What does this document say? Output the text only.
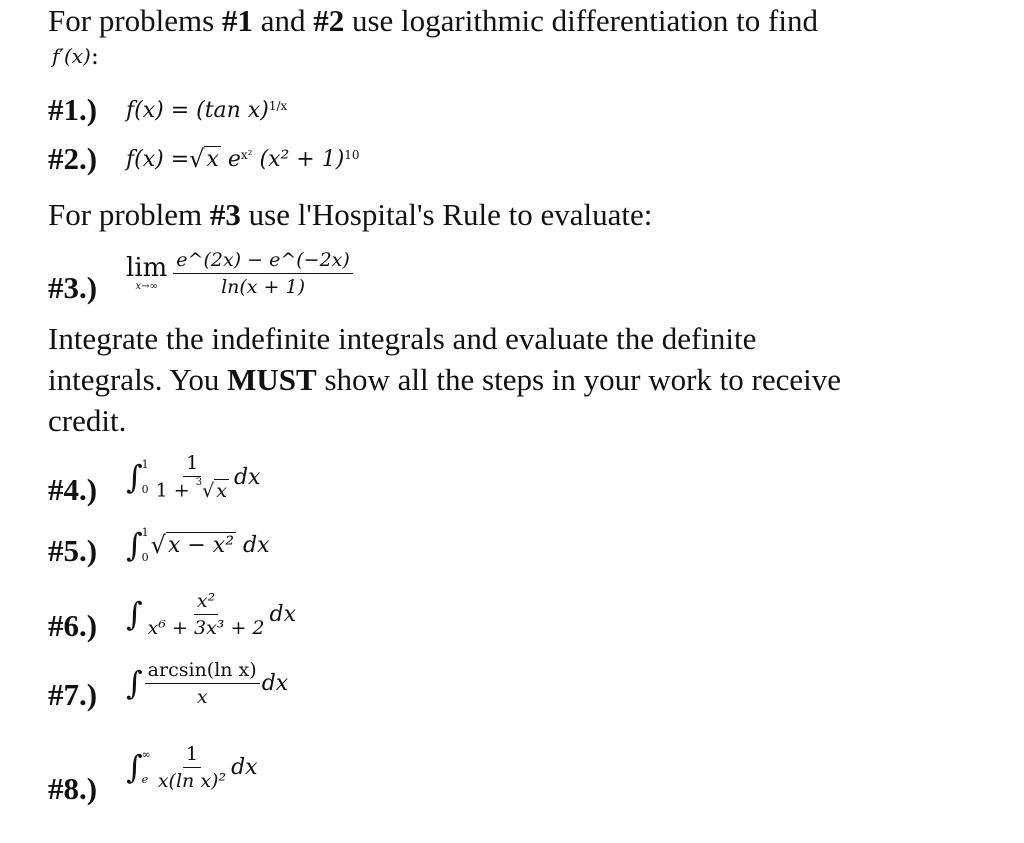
For problems #1 and #2 use logarithmic differentiation to find

f′(x) :
#1.)	f(x) = (tan x)$^{1/x}$
#2.)	f(x) = √ x
$e^{x^2}$
$(x^2 + 1)^{10}$

For problem #3 use l'Hospital's Rule to evaluate:

#3.)
lim
$x\to\infty \frac{e\^{}(2x) - e\^{}(-2x)}{\ln(x + 1)}$

Integrate the indefinite integrals and evaluate the definite
integrals. You MUST show all the steps in your work to receive
credit.

#4.) ∫ 1
$0 \frac{1}{1 + ^3 √ x}$ dx
#5.) ∫ 1
0 √ x − x²
dx
#6.) ∫ $\frac{\text{x²}}{\text{x⁶ + 3x³ + 2}}$ dx
#7.) ∫ $\frac{\text{arcsin(ln x)}}{x}$ dx
#8.)
∫ ∞
e $\frac{1}{\text{x(ln x)²}}$ dx
